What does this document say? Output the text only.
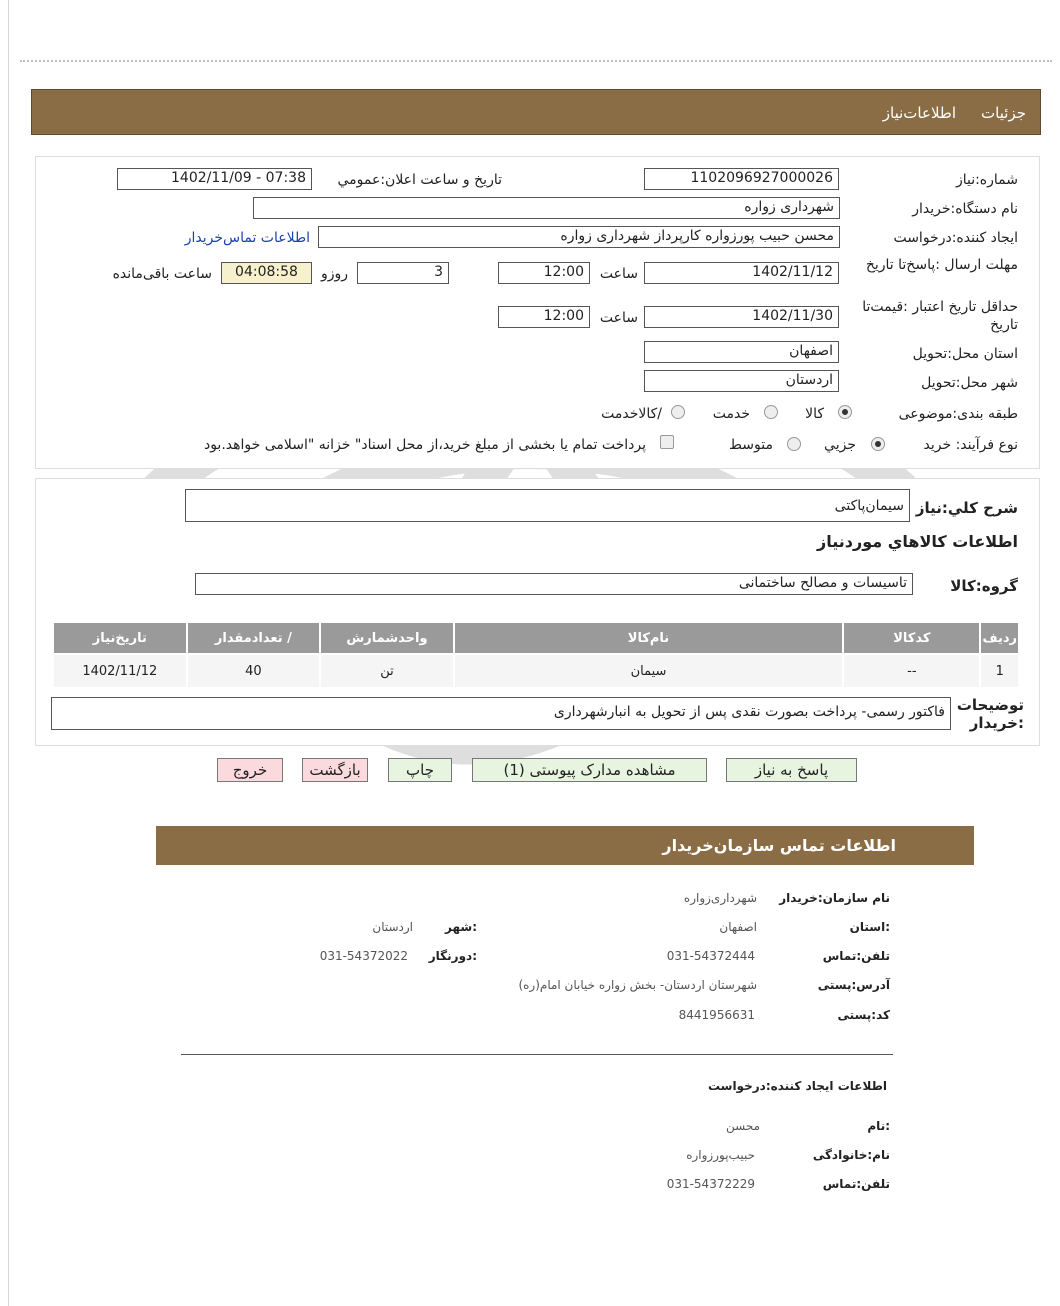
جزئیات
اطلاعات‌نیاز
شماره:نیاز
1102096927000026
تاریخ و ساعت اعلان:عمومي
1402/11/09 - 07:38
نام دستگاه:خریدار
شهرداری زواره
ایجاد کننده:درخواست
محسن حبیب پورزواره کارپرداز شهرداری زواره
اطلاعات تماس‌خریدار
مهلت ارسال :پاسخ‌تا تاریخ
1402/11/12
ساعت
12:00
3
روزو
04:08:58
ساعت باقی‌مانده
حداقل تاریخ اعتبار :قیمت‌تا تاریخ
1402/11/30
ساعت
12:00
استان محل:تحویل
اصفهان
شهر محل:تحویل
اردستان
طبقه بندی:موضوعی
کالا
خدمت
/کالاخدمت
نوع فرآیند: خرید
جزیي
متوسط
پرداخت تمام یا بخشی از مبلغ خرید،از محل اسناد" خزانه "اسلامی خواهد.بود
شرح کلي:نیاز
سیمان‌پاکتی
اطلاعات کالاهاي موردنیاز
گروه:کالا
تاسیسات و مصالح ساختمانی
ردیف	کدکالا	نام‌کالا	واحدشمارش	/ تعدادمقدار	تاریخ‌نیاز
1	--	سیمان	تن	40	1402/11/12
توضیحات :خریدار
فاکتور رسمی- پرداخت بصورت نقدی پس از تحویل به انبارشهرداری
پاسخ به نیاز
مشاهده مدارک پیوستی (1)
چاپ
بازگشت
خروج
اطلاعات تماس سازمان‌خریدار
نام سازمان:خریدار
شهرداری‌زواره
:استان
اصفهان
:شهر
اردستان
تلفن:تماس
031-54372444
:دورنگار
031-54372022
آدرس:پستی
شهرستان اردستان- بخش زواره خیابان امام(ره)
کد:پستی
8441956631
اطلاعات ایجاد کننده:درخواست
:نام
محسن
نام:خانوادگی
حبیب‌پورزواره
تلفن:تماس
031-54372229
